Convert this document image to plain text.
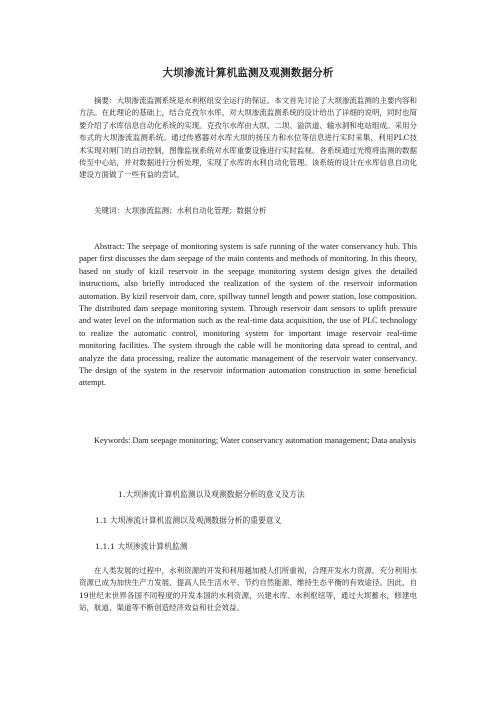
大坝渗流计算机监测及观测数据分析
摘要：大坝渗流监测系统是水利枢纽安全运行的保证。本文首先讨论了大坝渗流监测的主要内容和方法。在此理论的基础上，结合克孜尔水库，对大坝渗流监测系统的设计给出了详细的说明，同时也简要介绍了水库信息自动化系统的实现。克孜尔水库由大坝、二坝、溢洪道、输水洞和电站组成。采用分布式的大坝渗流监测系统。通过传感器对水库大坝的扬压力和水位等信息进行实时采集，利用PLC技术实现对闸门的自动控制，图像监视系统对水库重要设施进行实时监视。各系统通过光缆将监测的数据传至中心站，并对数据进行分析处理，实现了水库的水利自动化管理。该系统的设计在水库信息自动化建设方面做了一些有益的尝试。
关键词：大坝渗流监测；水利自动化管理；数据分析
Abstract: The seepage of monitoring system is safe running of the water conservancy hub. This paper first discusses the dam seepage of the main contents and methods of monitoring. In this theory, based on study of kizil reservoir in the seepage monitoring system design gives the detailed instructions, also briefly introduced the realization of the system of the reservoir information automation. By kizil reservoir dam, core, spillway tunnel length and power station, lose composition. The distributed dam seepage monitoring system. Through reservoir dam sensors to uplift pressure and water level on the information such as the real-time data acquisition, the use of PLC technology to realize the automatic control, monitoring system for important image reservoir real-time monitoring facilities. The system through the cable will be monitoring data spread to central, and analyze the data processing, realize the automatic management of the reservoir water conservancy. The design of the system in the reservoir information automation construction in some beneficial attempt.
Keywords: Dam seepage monitoring; Water conservancy automation management; Data analysis
1.大坝渗流计算机监测以及观测数据分析的意义及方法
1.1 大坝渗流计算机监测以及观测数据分析的重要意义
1.1.1 大坝渗流计算机监测
在人类发展的过程中，水利资源的开发和利用越加被人们所重视，合理开发水力资源、充分利用水资源已成为加快生产力发展、提高人民生活水平、节约自然能源、维持生态平衡的有效途径。因此，自19世纪末世界各国不同程度的开发本国的水利资源，兴建水库、水利枢纽等，通过大坝蓄水，修建电站，航道、渠道等不断创造经济效益和社会效益。
